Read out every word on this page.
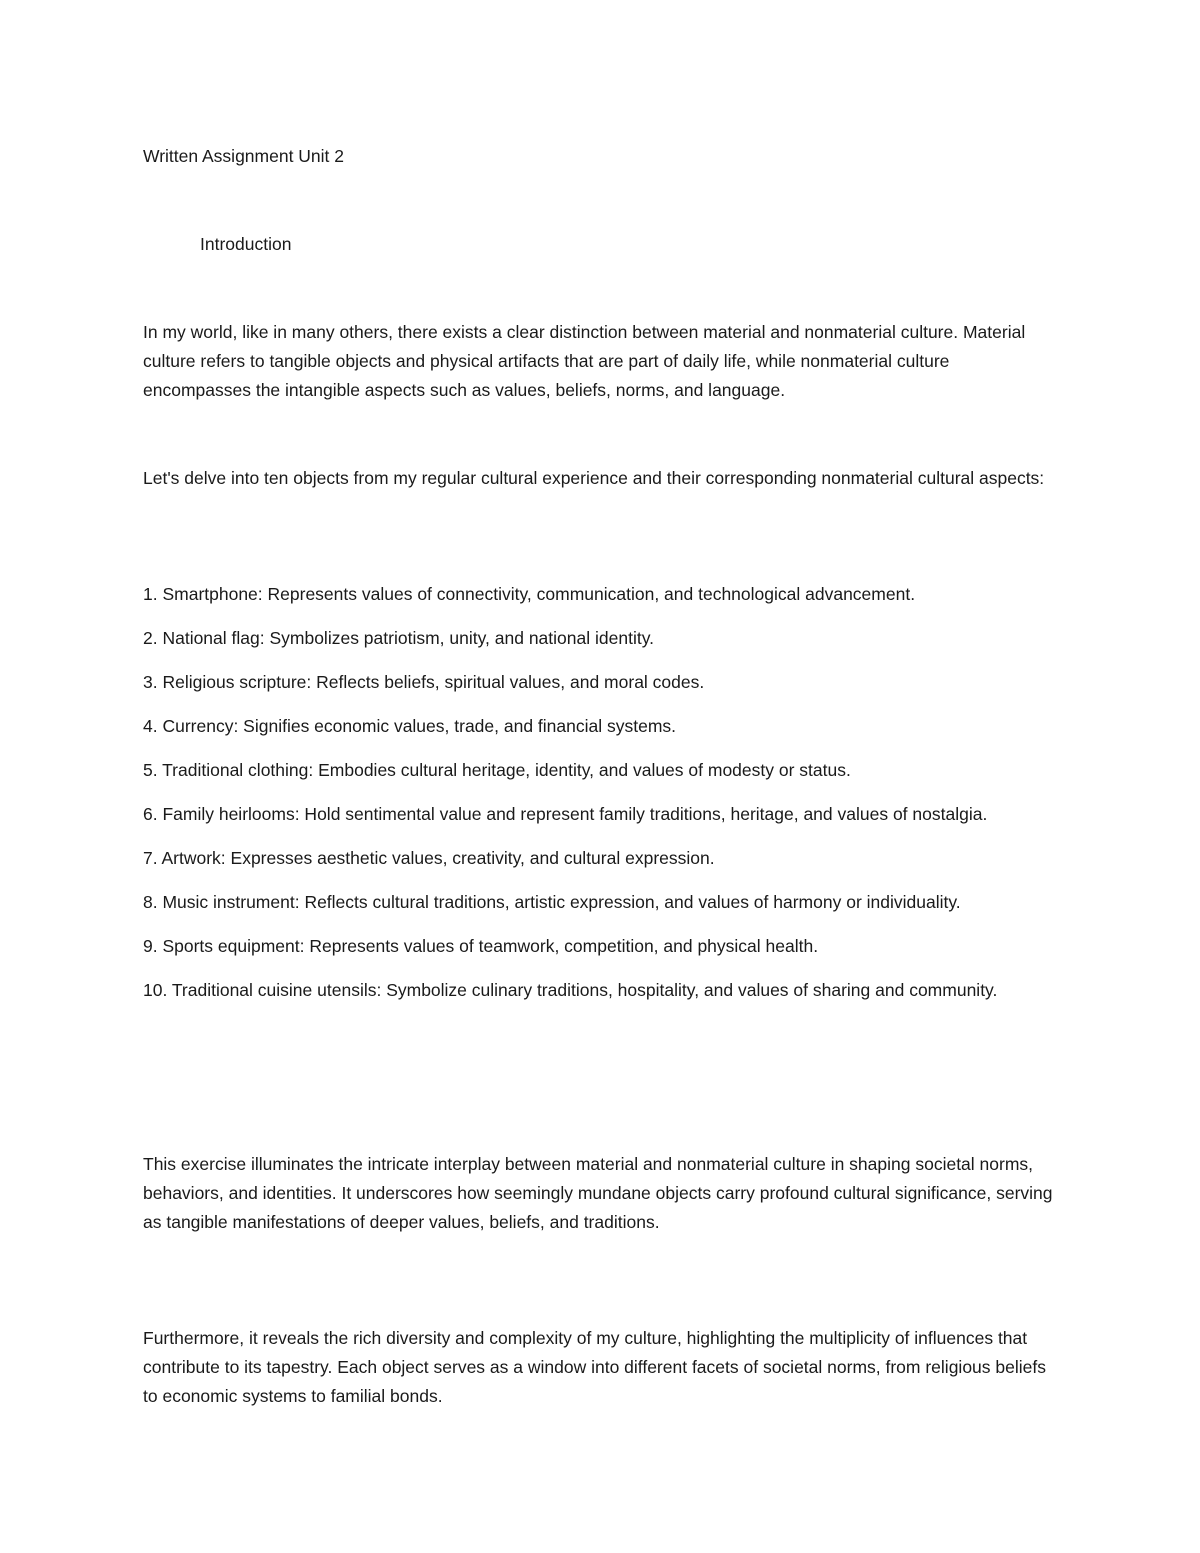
Written Assignment Unit 2
Introduction

In my world, like in many others, there exists a clear distinction between material and nonmaterial culture. Material culture refers to tangible objects and physical artifacts that are part of daily life, while nonmaterial culture encompasses the intangible aspects such as values, beliefs, norms, and language.

Let's delve into ten objects from my regular cultural experience and their corresponding nonmaterial cultural aspects:

1. Smartphone: Represents values of connectivity, communication, and technological advancement.
2. National flag: Symbolizes patriotism, unity, and national identity.
3. Religious scripture: Reflects beliefs, spiritual values, and moral codes.
4. Currency: Signifies economic values, trade, and financial systems.
5. Traditional clothing: Embodies cultural heritage, identity, and values of modesty or status.
6. Family heirlooms: Hold sentimental value and represent family traditions, heritage, and values of nostalgia.
7. Artwork: Expresses aesthetic values, creativity, and cultural expression.
8. Music instrument: Reflects cultural traditions, artistic expression, and values of harmony or individuality.
9. Sports equipment: Represents values of teamwork, competition, and physical health.
10. Traditional cuisine utensils: Symbolize culinary traditions, hospitality, and values of sharing and community.

This exercise illuminates the intricate interplay between material and nonmaterial culture in shaping societal norms, behaviors, and identities. It underscores how seemingly mundane objects carry profound cultural significance, serving as tangible manifestations of deeper values, beliefs, and traditions.

Furthermore, it reveals the rich diversity and complexity of my culture, highlighting the multiplicity of influences that contribute to its tapestry. Each object serves as a window into different facets of societal norms, from religious beliefs to economic systems to familial bonds.
